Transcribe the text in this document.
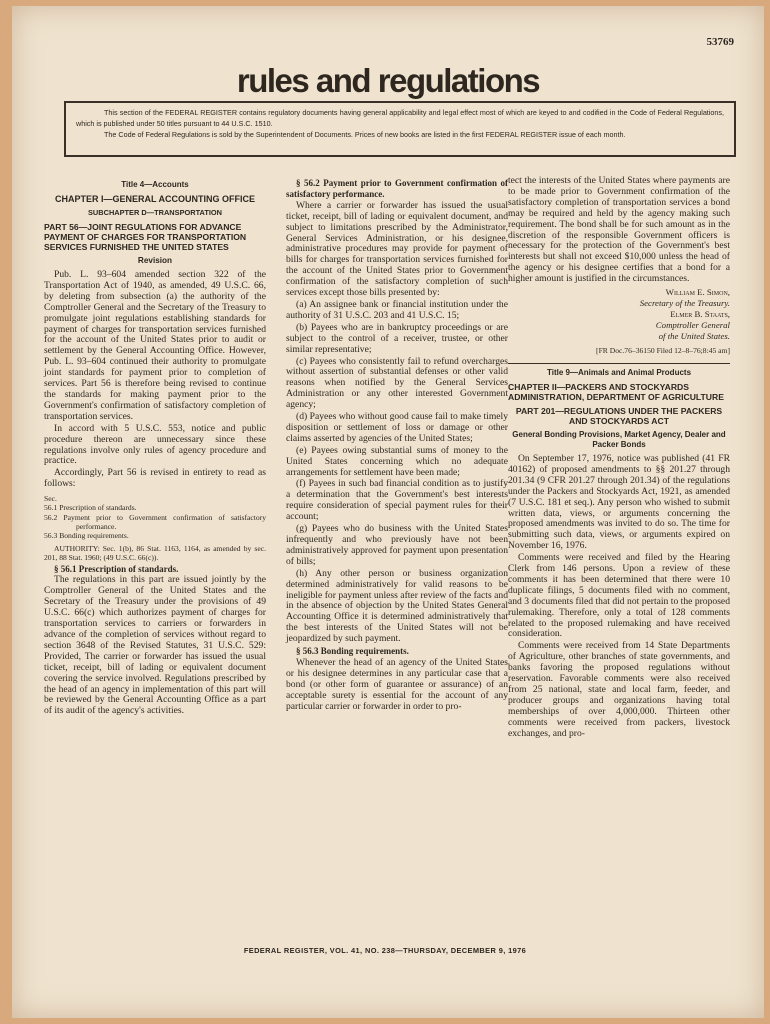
53769
rules and regulations

This section of the FEDERAL REGISTER contains regulatory documents having general applicability and legal effect most of which are keyed to and codified in the Code of Federal Regulations, which is published under 50 titles pursuant to 44 U.S.C. 1510.

The Code of Federal Regulations is sold by the Superintendent of Documents. Prices of new books are listed in the first FEDERAL REGISTER issue of each month.

Title 4—Accounts
CHAPTER I—GENERAL ACCOUNTING OFFICE
SUBCHAPTER D—TRANSPORTATION
PART 56—JOINT REGULATIONS FOR ADVANCE PAYMENT OF CHARGES FOR TRANSPORTATION SERVICES FURNISHED THE UNITED STATES
Revision

Pub. L. 93–604 amended section 322 of the Transportation Act of 1940, as amended, 49 U.S.C. 66, by deleting from subsection (a) the authority of the Comptroller General and the Secretary of the Treasury to promulgate joint regulations establishing standards for payment of charges for transportation services furnished for the account of the United States prior to audit or settlement by the General Accounting Office. However, Pub. L. 93–604 continued their authority to promulgate joint standards for payment prior to completion of services. Part 56 is therefore being revised to continue the standards for making payment prior to the Government's confirmation of satisfactory completion of transportation services.

In accord with 5 U.S.C. 553, notice and public procedure thereon are unnecessary since these regulations involve only rules of agency procedure and practice.

Accordingly, Part 56 is revised in entirety to read as follows:

Sec.
56.1 Prescription of standards.
56.2 Payment prior to Government confirmation of satisfactory performance.
56.3 Bonding requirements.

AUTHORITY: Sec. 1(b), 86 Stat. 1163, 1164, as amended by sec. 201, 88 Stat. 1960; (49 U.S.C. 66(c)).

§ 56.1 Prescription of standards.

The regulations in this part are issued jointly by the Comptroller General of the United States and the Secretary of the Treasury under the provisions of 49 U.S.C. 66(c) which authorizes payment of charges for transportation services to carriers or forwarders in advance of the completion of services without regard to section 3648 of the Revised Statutes, 31 U.S.C. 529: Provided, The carrier or forwarder has issued the usual ticket, receipt, bill of lading or equivalent document covering the service involved. Regulations prescribed by the head of an agency in implementation of this part will be reviewed by the General Accounting Office as a part of its audit of the agency's activities.

§ 56.2 Payment prior to Government confirmation of satisfactory performance.

Where a carrier or forwarder has issued the usual ticket, receipt, bill of lading or equivalent document, and subject to limitations prescribed by the Administrator, General Services Administration, or his designee, administrative procedures may provide for payment of bills for charges for transportation services furnished for the account of the United States prior to Government confirmation of the satisfactory completion of such services except those bills presented by:

(a) An assignee bank or financial institution under the authority of 31 U.S.C. 203 and 41 U.S.C. 15;

(b) Payees who are in bankruptcy proceedings or are subject to the control of a receiver, trustee, or other similar representative;

(c) Payees who consistently fail to refund overcharges without assertion of substantial defenses or other valid reasons when notified by the General Services Administration or any other interested Government agency;

(d) Payees who without good cause fail to make timely disposition or settlement of loss or damage or other claims asserted by agencies of the United States;

(e) Payees owing substantial sums of money to the United States concerning which no adequate arrangements for settlement have been made;

(f) Payees in such bad financial condition as to justify a determination that the Government's best interests require consideration of special payment rules for their account;

(g) Payees who do business with the United States infrequently and who previously have not been administratively approved for payment upon presentation of bills;

(h) Any other person or business organization determined administratively for valid reasons to be ineligible for payment unless after review of the facts and in the absence of objection by the United States General Accounting Office it is determined administratively that the best interests of the United States will not be jeopardized by such payment.

§ 56.3 Bonding requirements.

Whenever the head of an agency of the United States or his designee determines in any particular case that a bond (or other form of guarantee or assurance) of an acceptable surety is essential for the account of any particular carrier or forwarder in order to pro-

tect the interests of the United States where payments are to be made prior to Government confirmation of the satisfactory completion of transportation services a bond may be required and held by the agency making such requirement. The bond shall be for such amount as in the discretion of the responsible Government officers is necessary for the protection of the Government's best interests but shall not exceed $10,000 unless the head of the agency or his designee certifies that a bond for a higher amount is justified in the circumstances.

William E. Simon,
Secretary of the Treasury.
Elmer B. Staats,
Comptroller General
of the United States.
[FR Doc.76–36150 Filed 12–8–76;8:45 am]
Title 9—Animals and Animal Products
CHAPTER II—PACKERS AND STOCKYARDS ADMINISTRATION, DEPARTMENT OF AGRICULTURE
PART 201—REGULATIONS UNDER THE PACKERS AND STOCKYARDS ACT
General Bonding Provisions, Market Agency, Dealer and Packer Bonds

On September 17, 1976, notice was published (41 FR 40162) of proposed amendments to §§ 201.27 through 201.34 (9 CFR 201.27 through 201.34) of the regulations under the Packers and Stockyards Act, 1921, as amended (7 U.S.C. 181 et seq.). Any person who wished to submit written data, views, or arguments concerning the proposed amendments was invited to do so. The time for submitting such data, views, or arguments expired on November 16, 1976.

Comments were received and filed by the Hearing Clerk from 146 persons. Upon a review of these comments it has been determined that there were 10 duplicate filings, 5 documents filed with no comment, and 3 documents filed that did not pertain to the proposed rulemaking. Therefore, only a total of 128 comments related to the proposed rulemaking and have received consideration.

Comments were received from 14 State Departments of Agriculture, other branches of state governments, and banks favoring the proposed regulations without reservation. Favorable comments were also received from 25 national, state and local farm, feeder, and producer groups and organizations having total memberships of over 4,000,000. Thirteen other comments were received from packers, livestock exchanges, and pro-

FEDERAL REGISTER, VOL. 41, NO. 238—THURSDAY, DECEMBER 9, 1976
